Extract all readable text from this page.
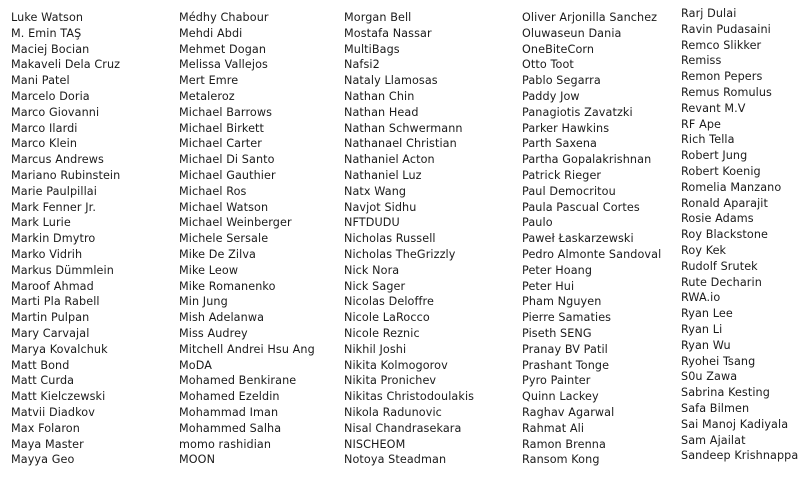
Luke Watson
M. Emin TAŞ
Maciej Bocian
Makaveli Dela Cruz
Mani Patel
Marcelo Doria
Marco Giovanni
Marco Ilardi
Marco Klein
Marcus Andrews
Mariano Rubinstein
Marie Paulpillai
Mark Fenner Jr.
Mark Lurie
Markin Dmytro
Marko Vidrih
Markus Dümmlein
Maroof Ahmad
Marti Pla Rabell
Martin Pulpan
Mary Carvajal
Marya Kovalchuk
Matt Bond
Matt Curda
Matt Kielczewski
Matvii Diadkov
Max Folaron
Maya Master
Mayya Geo
Médhy Chabour
Mehdi Abdi
Mehmet Dogan
Melissa Vallejos
Mert Emre
Metaleroz
Michael Barrows
Michael Birkett
Michael Carter
Michael Di Santo
Michael Gauthier
Michael Ros
Michael Watson
Michael Weinberger
Michele Sersale
Mike De Zilva
Mike Leow
Mike Romanenko
Min Jung
Mish Adelanwa
Miss Audrey
Mitchell Andrei Hsu Ang
MoDA
Mohamed Benkirane
Mohamed Ezeldin
Mohammad Iman
Mohammed Salha
momo rashidian
MOON
Morgan Bell
Mostafa Nassar
MultiBags
Nafsi2
Nataly Llamosas
Nathan Chin
Nathan Head
Nathan Schwermann
Nathanael Christian
Nathaniel Acton
Nathaniel Luz
Natx Wang
Navjot Sidhu
NFTDUDU
Nicholas Russell
Nicholas TheGrizzly
Nick Nora
Nick Sager
Nicolas Deloffre
Nicole LaRocco
Nicole Reznic
Nikhil Joshi
Nikita Kolmogorov
Nikita Pronichev
Nikitas Christodoulakis
Nikola Radunovic
Nisal Chandrasekara
NISCHEOM
Notoya Steadman
Oliver Arjonilla Sanchez
Oluwaseun Dania
OneBiteCorn
Otto Toot
Pablo Segarra
Paddy Jow
Panagiotis Zavatzki
Parker Hawkins
Parth Saxena
Partha Gopalakrishnan
Patrick Rieger
Paul Democritou
Paula Pascual Cortes
Paulo
Paweł Łaskarzewski
Pedro Almonte Sandoval
Peter Hoang
Peter Hui
Pham Nguyen
Pierre Samaties
Piseth SENG
Pranay BV Patil
Prashant Tonge
Pyro Painter
Quinn Lackey
Raghav Agarwal
Rahmat Ali
Ramon Brenna
Ransom Kong
Rarj Dulai
Ravin Pudasaini
Remco Slikker
Remiss
Remon Pepers
Remus Romulus
Revant M.V
RF Ape
Rich Tella
Robert Jung
Robert Koenig
Romelia Manzano
Ronald Aparajit
Rosie Adams
Roy Blackstone
Roy Kek
Rudolf Srutek
Rute Decharin
RWA.io
Ryan Lee
Ryan Li
Ryan Wu
Ryohei Tsang
S0u Zawa
Sabrina Kesting
Safa Bilmen
Sai Manoj Kadiyala
Sam Ajailat
Sandeep Krishnappa
